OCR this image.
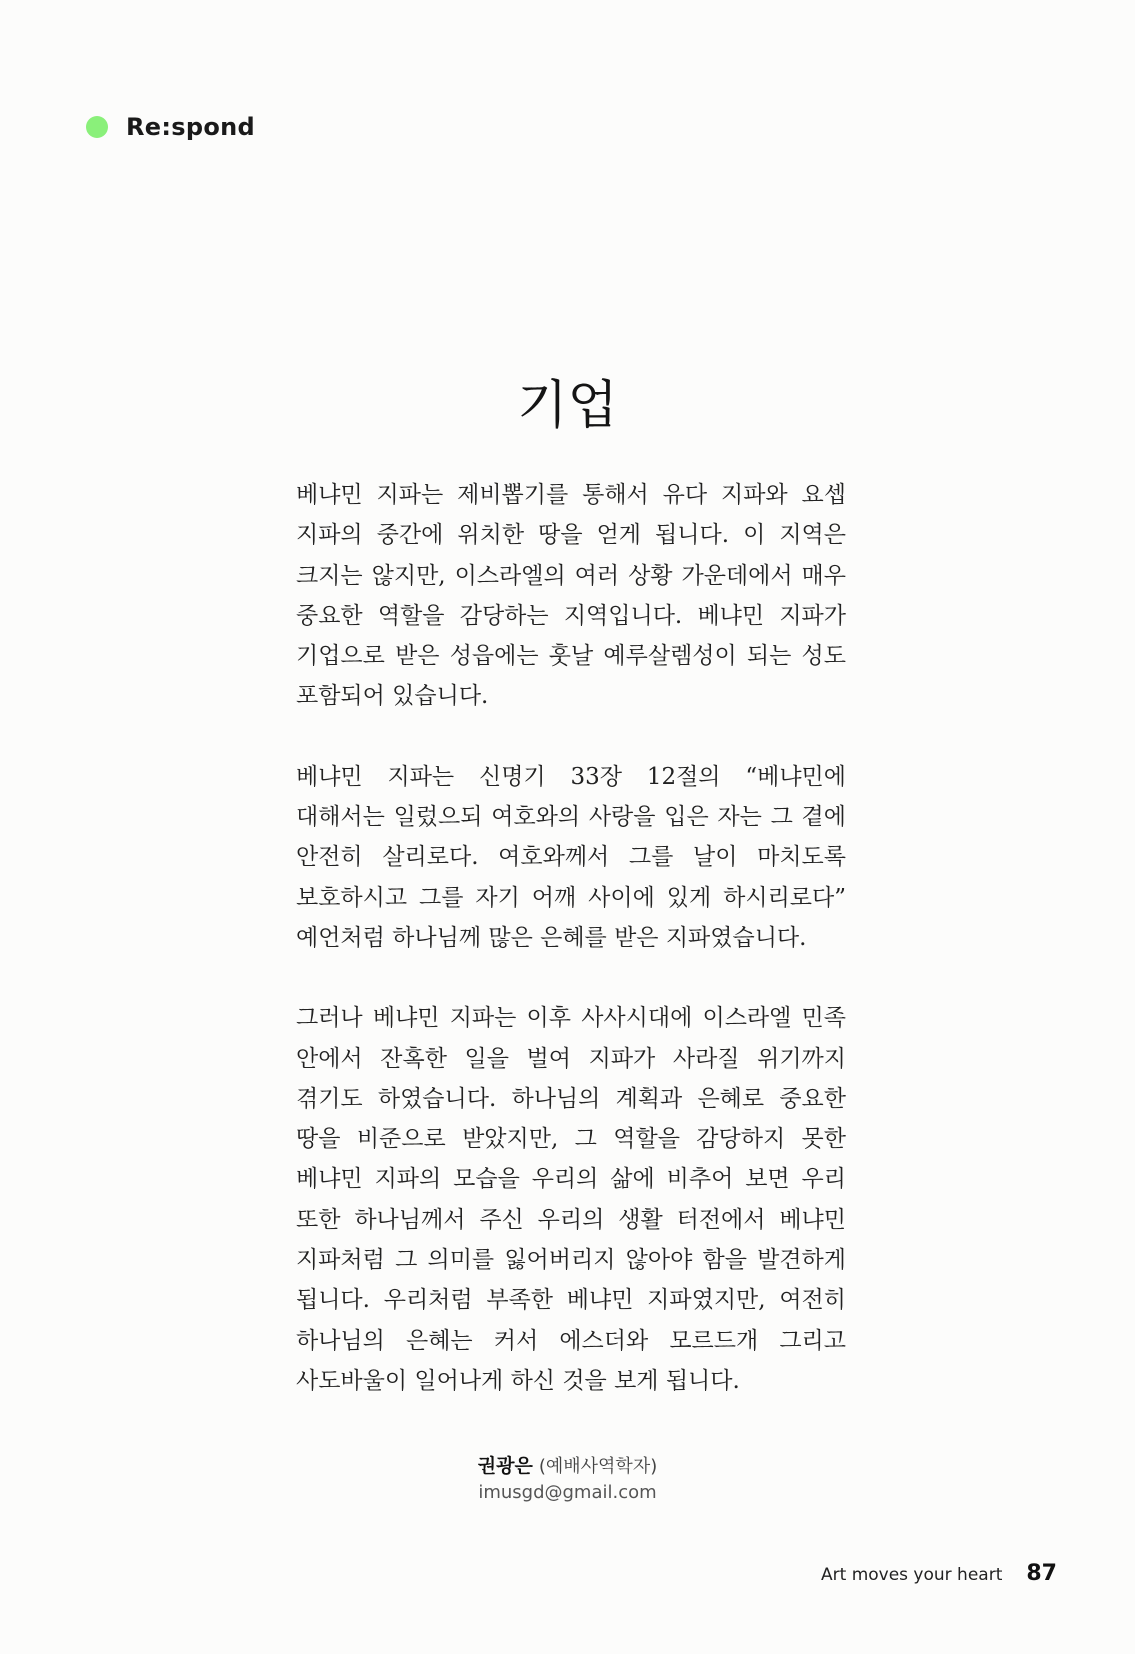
Re:spond
기업

베냐민 지파는 제비뽑기를 통해서 유다 지파와 요셉 지파의 중간에 위치한 땅을 얻게 됩니다. 이 지역은 크지는 않지만, 이스라엘의 여러 상황 가운데에서 매우 중요한 역할을 감당하는 지역입니다. 베냐민 지파가 기업으로 받은 성읍에는 훗날 예루살렘성이 되는 성도 포함되어 있습니다.

베냐민 지파는 신명기 33장 12절의 “베냐민에 대해서는 일렀으되 여호와의 사랑을 입은 자는 그 곁에 안전히 살리로다. 여호와께서 그를 날이 마치도록 보호하시고 그를 자기 어깨 사이에 있게 하시리로다” 예언처럼 하나님께 많은 은혜를 받은 지파였습니다.

그러나 베냐민 지파는 이후 사사시대에 이스라엘 민족 안에서 잔혹한 일을 벌여 지파가 사라질 위기까지 겪기도 하였습니다. 하나님의 계획과 은혜로 중요한 땅을 비준으로 받았지만, 그 역할을 감당하지 못한 베냐민 지파의 모습을 우리의 삶에 비추어 보면 우리 또한 하나님께서 주신 우리의 생활 터전에서 베냐민 지파처럼 그 의미를 잃어버리지 않아야 함을 발견하게 됩니다. 우리처럼 부족한 베냐민 지파였지만, 여전히 하나님의 은혜는 커서 에스더와 모르드개 그리고 사도바울이 일어나게 하신 것을 보게 됩니다.

권광은 (예배사역학자)
imusgd@gmail.com
Art moves your heart 87
